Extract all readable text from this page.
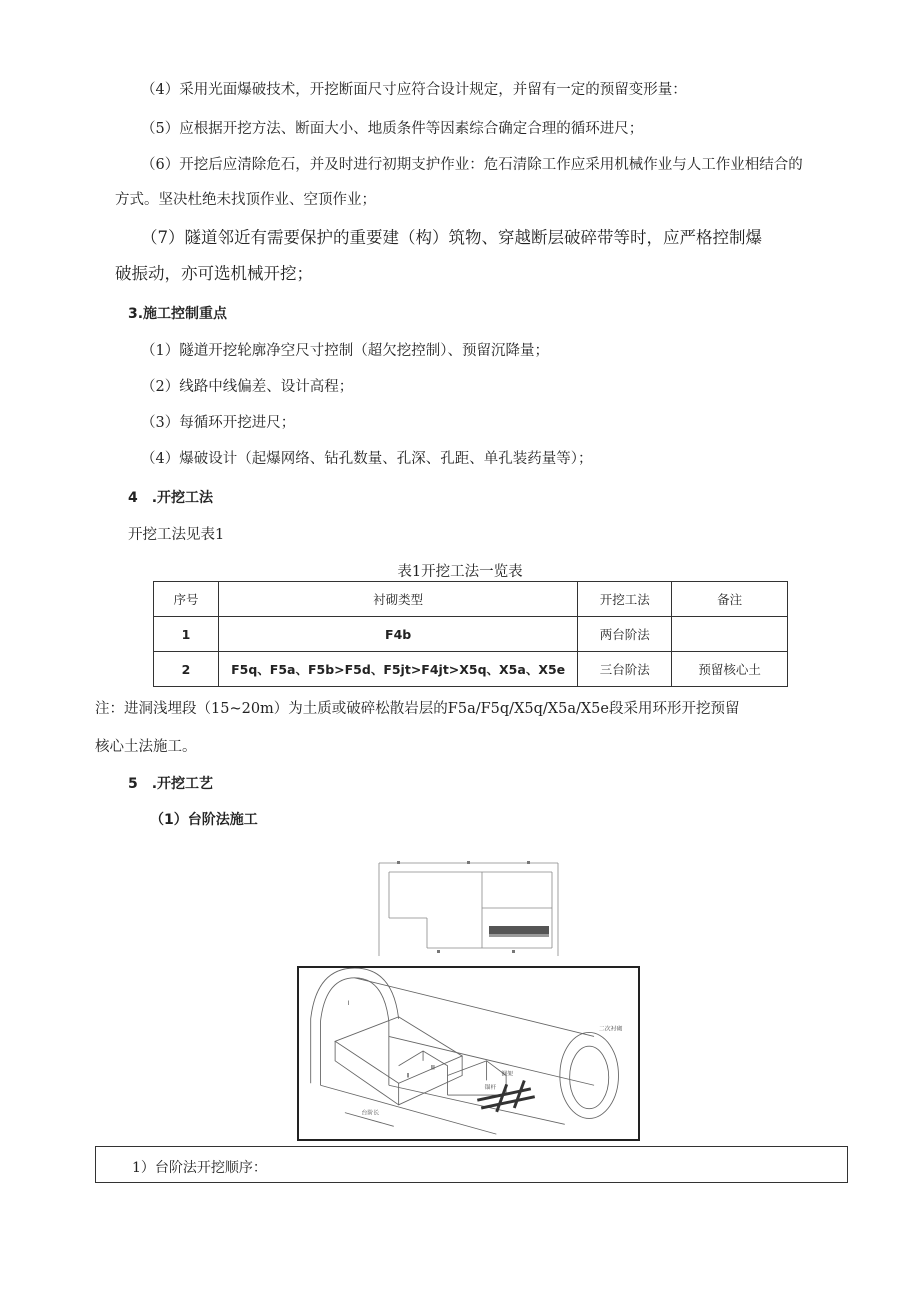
（4）采用光面爆破技术，开挖断面尺寸应符合设计规定，并留有一定的预留变形量：
（5）应根据开挖方法、断面大小、地质条件等因素综合确定合理的循环进尺；
（6）开挖后应清除危石，并及时进行初期支护作业：危石清除工作应采用机械作业与人工作业相结合的
方式。坚决杜绝未找顶作业、空顶作业；
（7）隧道邻近有需要保护的重要建（构）筑物、穿越断层破碎带等时，应严格控制爆
破振动，亦可选机械开挖；
3.施工控制重点
（1）隧道开挖轮廓净空尺寸控制（超欠挖控制）、预留沉降量；
（2）线路中线偏差、设计高程；
（3）每循环开挖进尺；
（4）爆破设计（起爆网络、钻孔数量、孔深、孔距、单孔装药量等）；
4　.开挖工法
开挖工法见表1
表1开挖工法一览表
序号	衬砌类型	开挖工法	备注
1	F4b	两台阶法	
2	F5q、F5a、F5b>F5d、F5jt>F4jt>X5q、X5a、X5e	三台阶法	预留核心土
注：进洞浅埋段（15~20m）为土质或破碎松散岩层的F5a/F5q/X5q/X5a/X5e段采用环形开挖预留
核心土法施工。
5　.开挖工艺
（1）台阶法施工
Ⅰ
Ⅱ
Ⅲ
钢架
锚杆
二次衬砌
台阶长
1）台阶法开挖顺序：
